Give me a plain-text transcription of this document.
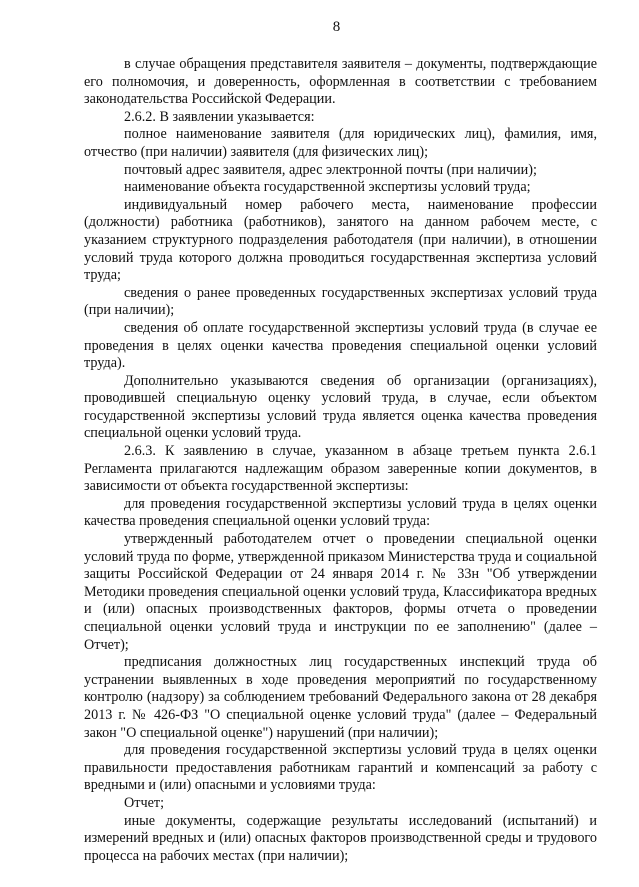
8

в случае обращения представителя заявителя – документы, подтверждающие его полномочия, и доверенность, оформленная в соответствии с требованием законодательства Российской Федерации.

2.6.2. В заявлении указывается:

полное наименование заявителя (для юридических лиц), фамилия, имя, отчество (при наличии) заявителя (для физических лиц);

почтовый адрес заявителя, адрес электронной почты (при наличии);

наименование объекта государственной экспертизы условий труда;

индивидуальный номер рабочего места, наименование профессии (должности) работника (работников), занятого на данном рабочем месте, с указанием структурного подразделения работодателя (при наличии), в отношении условий труда которого должна проводиться государственная экспертиза условий труда;

сведения о ранее проведенных государственных экспертизах условий труда (при наличии);

сведения об оплате государственной экспертизы условий труда (в случае ее проведения в целях оценки качества проведения специальной оценки условий труда).

Дополнительно указываются сведения об организации (организациях), проводившей специальную оценку условий труда, в случае, если объектом государственной экспертизы условий труда является оценка качества проведения специальной оценки условий труда.

2.6.3. К заявлению в случае, указанном в абзаце третьем пункта 2.6.1 Регламента прилагаются надлежащим образом заверенные копии документов, в зависимости от объекта государственной экспертизы:

для проведения государственной экспертизы условий труда в целях оценки качества проведения специальной оценки условий труда:

утвержденный работодателем отчет о проведении специальной оценки условий труда по форме, утвержденной приказом Министерства труда и социальной защиты Российской Федерации от 24 января 2014 г. № 33н "Об утверждении Методики проведения специальной оценки условий труда, Классификатора вредных и (или) опасных производственных факторов, формы отчета о проведении специальной оценки условий труда и инструкции по ее заполнению" (далее – Отчет);

предписания должностных лиц государственных инспекций труда об устранении выявленных в ходе проведения мероприятий по государственному контролю (надзору) за соблюдением требований Федерального закона от 28 декабря 2013 г. № 426-ФЗ "О специальной оценке условий труда" (далее – Федеральный закон "О специальной оценке") нарушений (при наличии);

для проведения государственной экспертизы условий труда в целях оценки правильности предоставления работникам гарантий и компенсаций за работу с вредными и (или) опасными и условиями труда:

Отчет;

иные документы, содержащие результаты исследований (испытаний) и измерений вредных и (или) опасных факторов производственной среды и трудового процесса на рабочих местах (при наличии);
